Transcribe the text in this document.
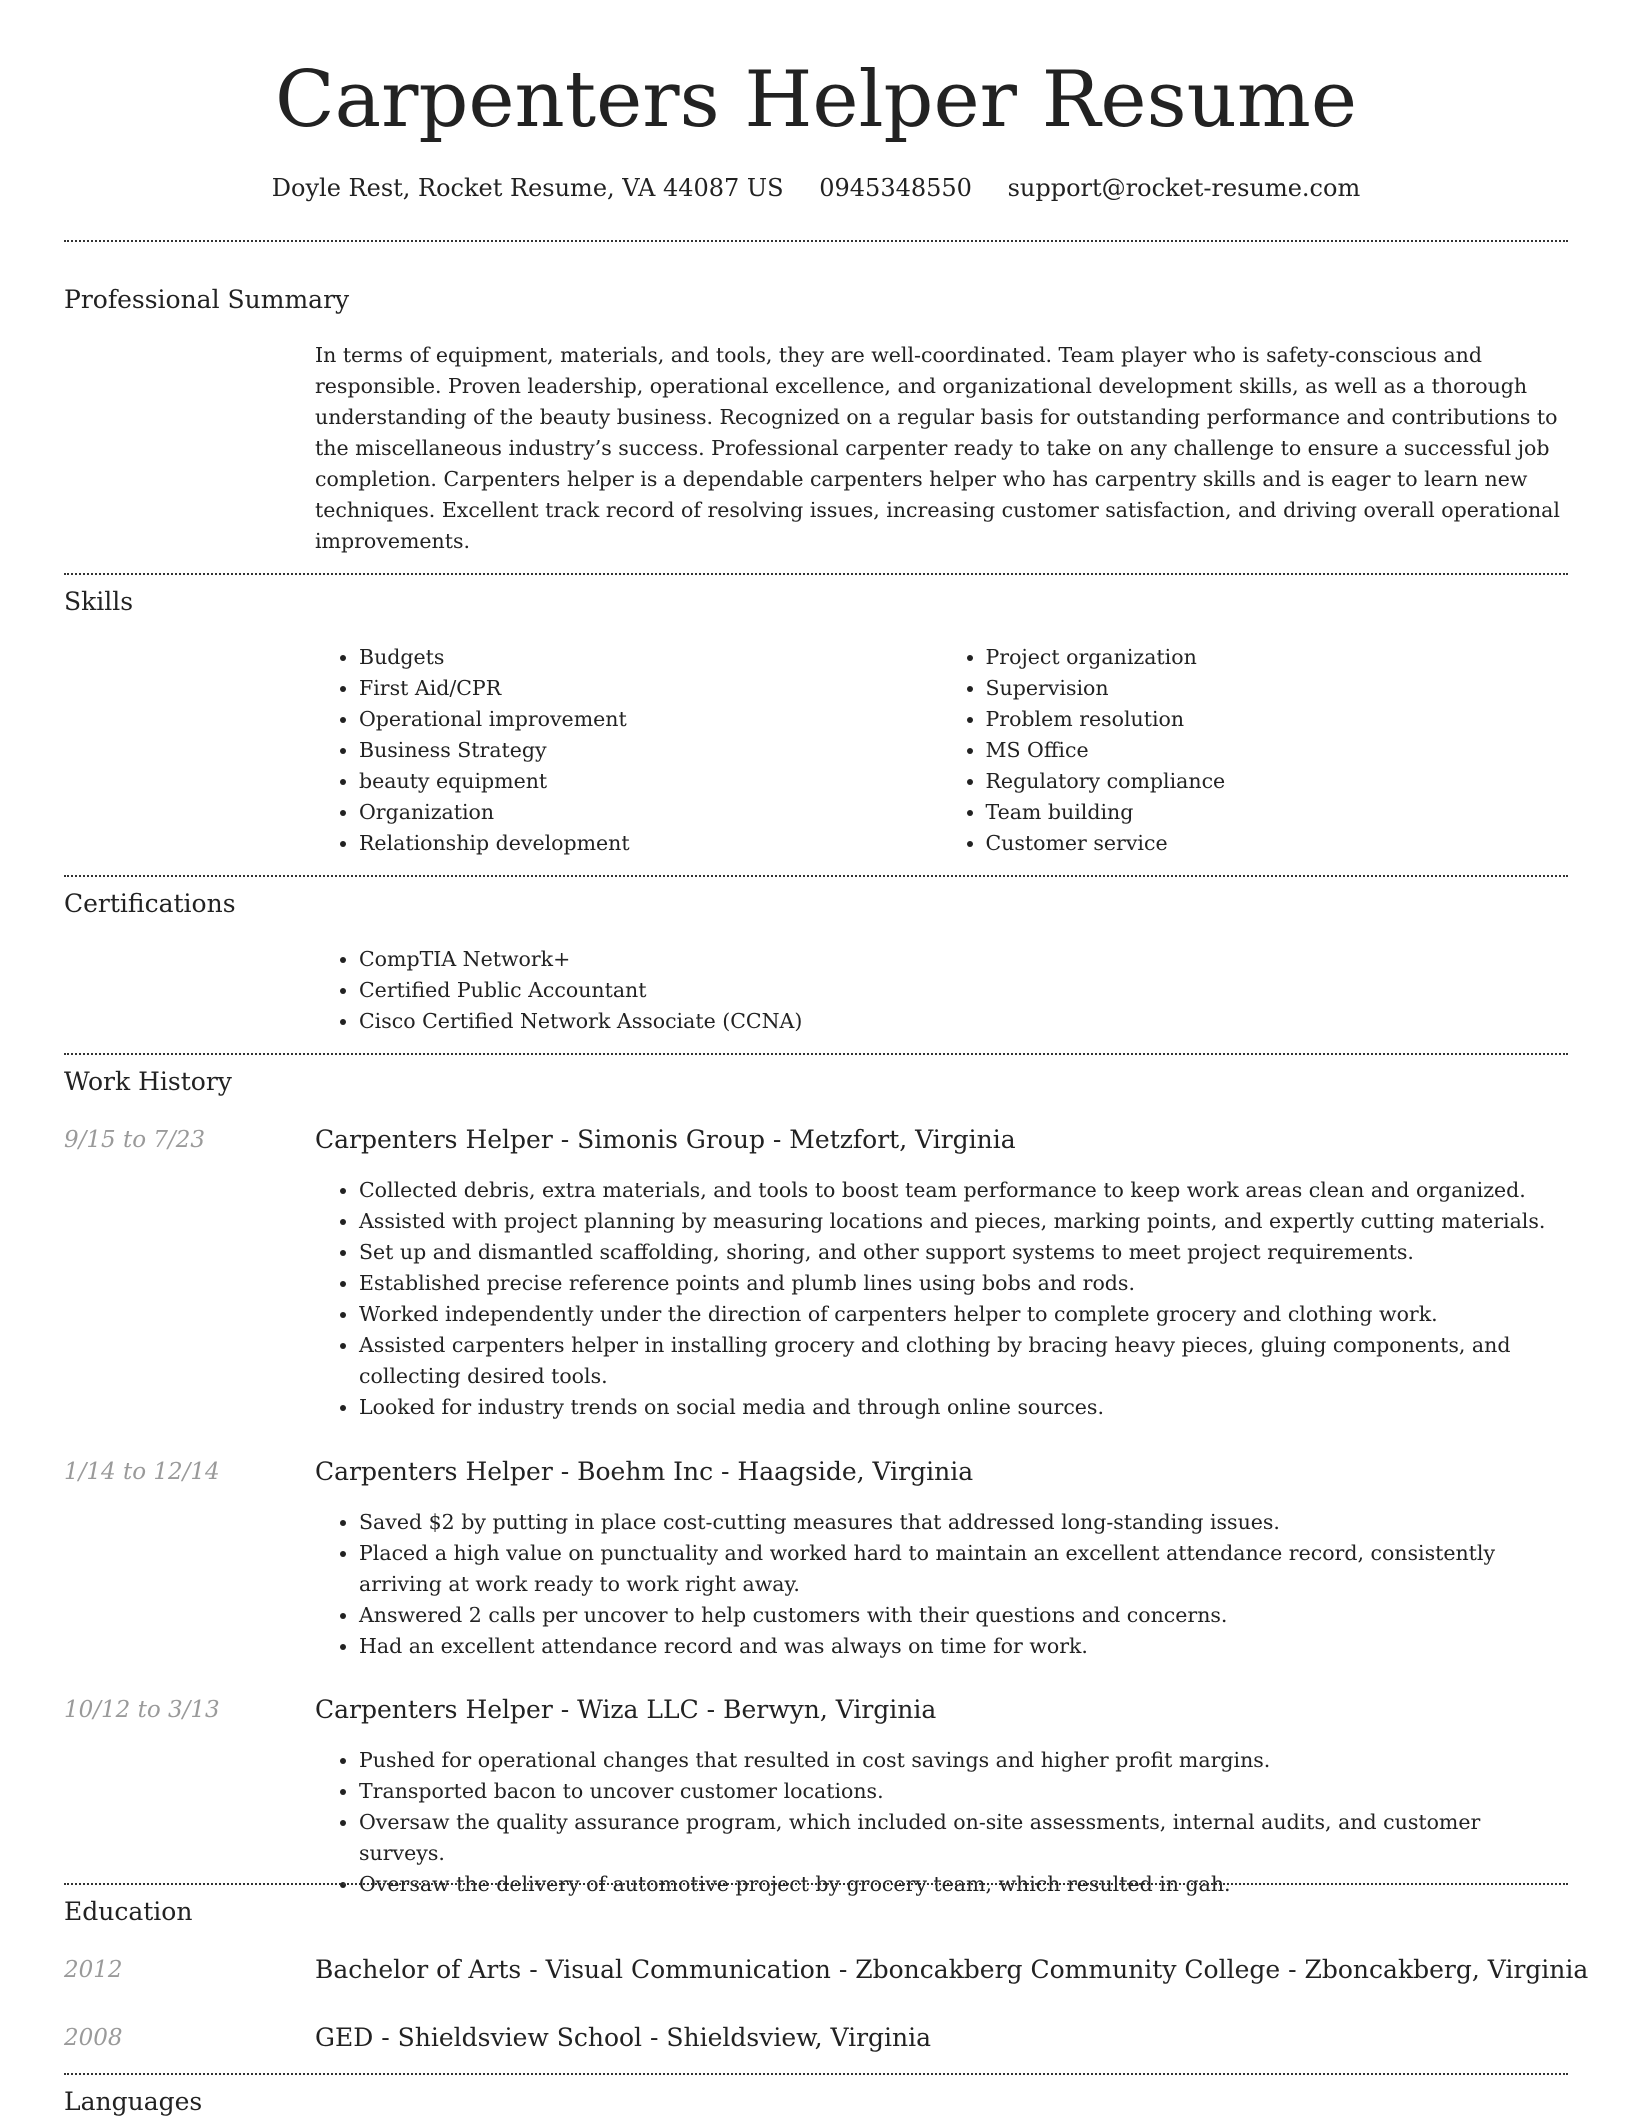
Carpenters Helper Resume
Doyle Rest, Rocket Resume, VA 44087 US 0945348550 support@rocket-resume.com
Professional Summary

In terms of equipment, materials, and tools, they are well-coordinated. Team player who is safety-conscious and responsible. Proven leadership, operational excellence, and organizational development skills, as well as a thorough understanding of the beauty business. Recognized on a regular basis for outstanding performance and contributions to the miscellaneous industry’s success. Professional carpenter ready to take on any challenge to ensure a successful job completion. Carpenters helper is a dependable carpenters helper who has carpentry skills and is eager to learn new techniques. Excellent track record of resolving issues, increasing customer satisfaction, and driving overall operational improvements.

Skills
• Budgets
• First Aid/CPR
• Operational improvement
• Business Strategy
• beauty equipment
• Organization
• Relationship development
• Project organization
• Supervision
• Problem resolution
• MS Office
• Regulatory compliance
• Team building
• Customer service
Certifications
• CompTIA Network+
• Certified Public Accountant
• Cisco Certified Network Associate (CCNA)
Work History
9/15 to 7/23	Carpenters Helper - Simonis Group - Metzfort, Virginia
• Collected debris, extra materials, and tools to boost team performance to keep work areas clean and organized.
• Assisted with project planning by measuring locations and pieces, marking points, and expertly cutting materials.
• Set up and dismantled scaffolding, shoring, and other support systems to meet project requirements.
• Established precise reference points and plumb lines using bobs and rods.
• Worked independently under the direction of carpenters helper to complete grocery and clothing work.
• Assisted carpenters helper in installing grocery and clothing by bracing heavy pieces, gluing components, and collecting desired tools.
• Looked for industry trends on social media and through online sources.
1/14 to 12/14	Carpenters Helper - Boehm Inc - Haagside, Virginia
• Saved $2 by putting in place cost-cutting measures that addressed long-standing issues.
• Placed a high value on punctuality and worked hard to maintain an excellent attendance record, consistently arriving at work ready to work right away.
• Answered 2 calls per uncover to help customers with their questions and concerns.
• Had an excellent attendance record and was always on time for work.
10/12 to 3/13	Carpenters Helper - Wiza LLC - Berwyn, Virginia
• Pushed for operational changes that resulted in cost savings and higher profit margins.
• Transported bacon to uncover customer locations.
• Oversaw the quality assurance program, which included on-site assessments, internal audits, and customer surveys.
• Oversaw the delivery of automotive project by grocery team, which resulted in gah.
Education
2012	Bachelor of Arts - Visual Communication - Zboncakberg Community College - Zboncakberg, Virginia
2008	GED - Shieldsview School - Shieldsview, Virginia
Languages
